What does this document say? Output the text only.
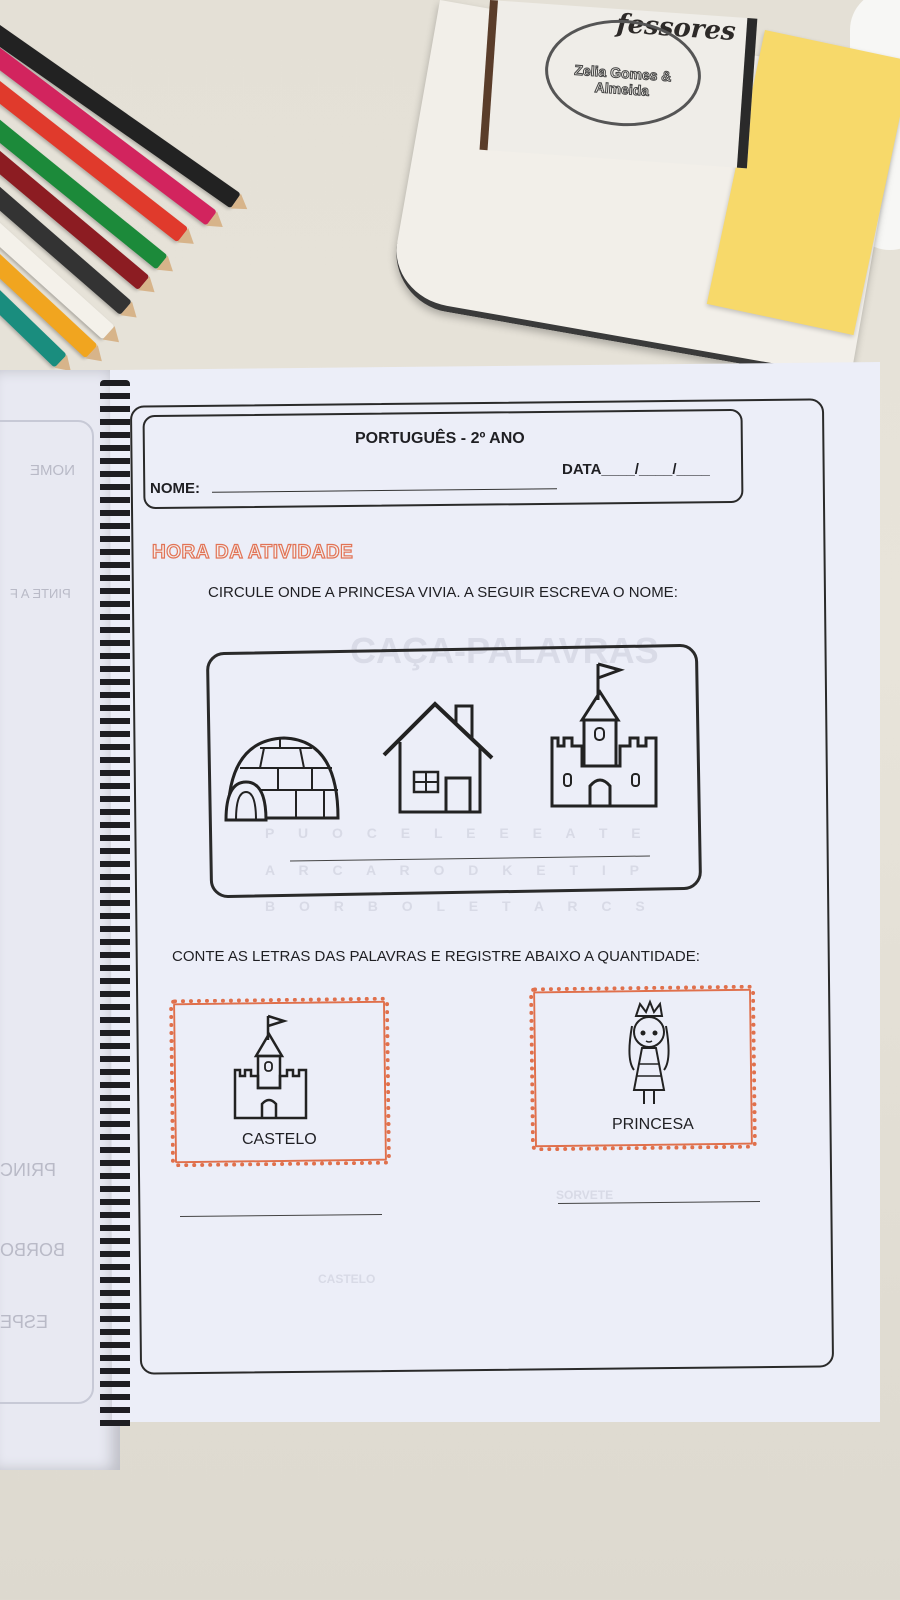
fessores
Zelia Gomes & Almeida
NOME
PINTE A F
PRINC
BORBO
ESPE
CAÇA-PALAVRAS
P U O C E L E E E A T E
A R C A R O D K E T I P
B O R B O L E T A R C S
CASTELO
SORVETE
PORTUGUÊS - 2º ANO
NOME:
DATA____/____/____
HORA DA ATIVIDADE
CIRCULE ONDE A PRINCESA VIVIA. A SEGUIR ESCREVA O NOME:
CONTE AS LETRAS DAS PALAVRAS E REGISTRE ABAIXO A QUANTIDADE:
CASTELO
PRINCESA
